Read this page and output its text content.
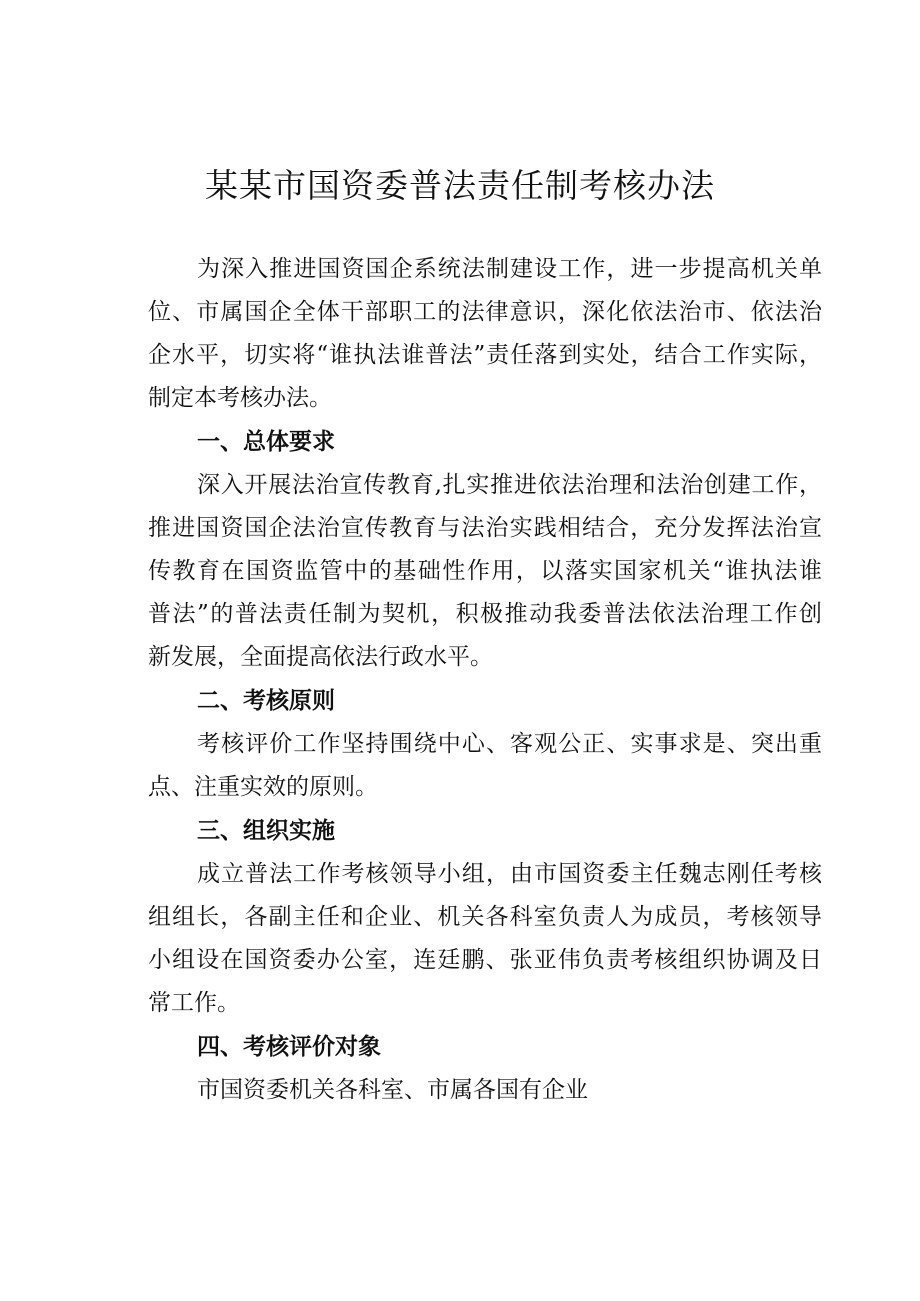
某某市国资委普法责任制考核办法
为深入推进国资国企系统法制建设工作，进一步提高机关单
位、市属国企全体干部职工的法律意识，深化依法治市、依法治
企水平，切实将“谁执法谁普法”责任落到实处，结合工作实际，
制定本考核办法。
一、总体要求
深入开展法治宣传教育,扎实推进依法治理和法治创建工作，
推进国资国企法治宣传教育与法治实践相结合，充分发挥法治宣
传教育在国资监管中的基础性作用，以落实国家机关“谁执法谁
普法”的普法责任制为契机，积极推动我委普法依法治理工作创
新发展，全面提高依法行政水平。
二、考核原则
考核评价工作坚持围绕中心、客观公正、实事求是、突出重
点、注重实效的原则。
三、组织实施
成立普法工作考核领导小组，由市国资委主任魏志刚任考核
组组长，各副主任和企业、机关各科室负责人为成员，考核领导
小组设在国资委办公室，连廷鹏、张亚伟负责考核组织协调及日
常工作。
四、考核评价对象
市国资委机关各科室、市属各国有企业
